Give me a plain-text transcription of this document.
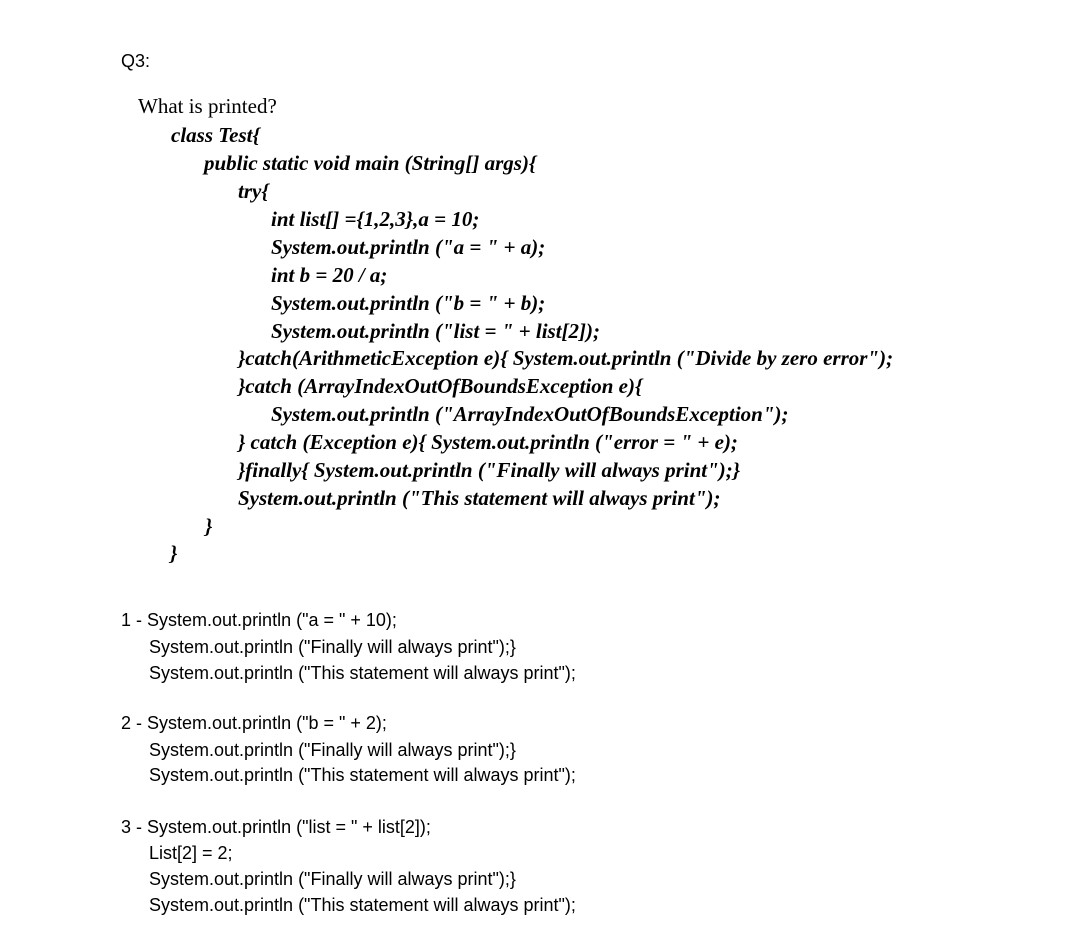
Q3:
What is printed?
class Test{
public static void main (String[] args){
try{
int list[] ={1,2,3},a = 10;
System.out.println ("a = " + a);
int b = 20 / a;
System.out.println ("b = " + b);
System.out.println ("list = " + list[2]);
}catch(ArithmeticException e){ System.out.println ("Divide by zero error");
}catch (ArrayIndexOutOfBoundsException e){
System.out.println ("ArrayIndexOutOfBoundsException");
} catch (Exception e){ System.out.println ("error = " + e);
}finally{ System.out.println ("Finally will always print");}
System.out.println ("This statement will always print");
}
}
1 - System.out.println ("a = " + 10);
System.out.println ("Finally will always print");}
System.out.println ("This statement will always print");
2 - System.out.println ("b = " + 2);
System.out.println ("Finally will always print");}
System.out.println ("This statement will always print");
3 - System.out.println ("list = " + list[2]);
List[2] = 2;
System.out.println ("Finally will always print");}
System.out.println ("This statement will always print");
